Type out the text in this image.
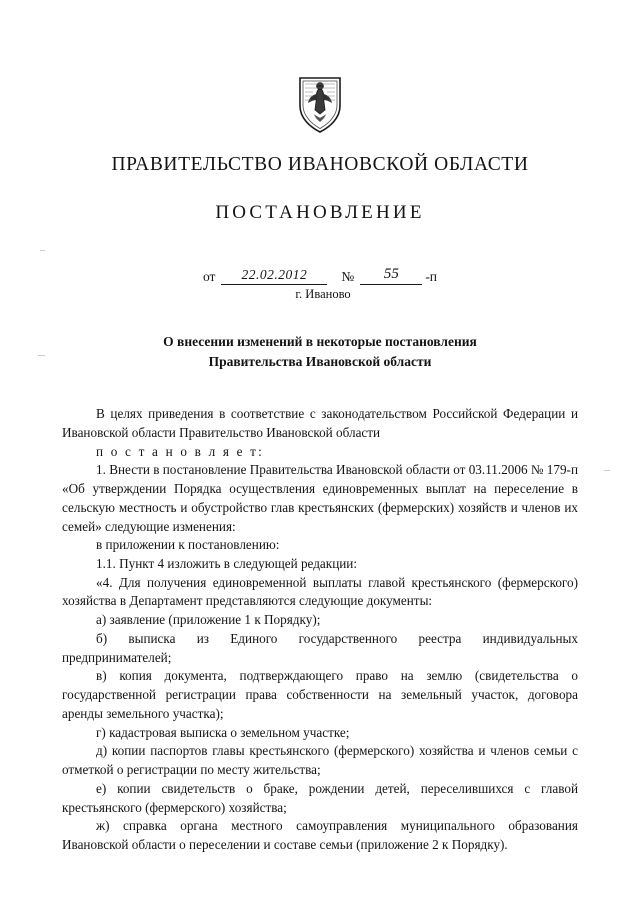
ПРАВИТЕЛЬСТВО ИВАНОВСКОЙ ОБЛАСТИ
ПОСТАНОВЛЕНИЕ
от	22.02.2012	№	55	-п
г. Иваново
О внесении изменений в некоторые постановления
Правительства Ивановской области

В целях приведения в соответствие с законодательством Российской Федерации и Ивановской области Правительство Ивановской области

п о с т а н о в л я е т:

1. Внести в постановление Правительства Ивановской области от 03.11.2006 № 179-п «Об утверждении Порядка осуществления единовременных выплат на переселение в сельскую местность и обустройство глав крестьянских (фермерских) хозяйств и членов их семей» следующие изменения:

в приложении к постановлению:

1.1. Пункт 4 изложить в следующей редакции:

«4. Для получения единовременной выплаты главой крестьянского (фермерского) хозяйства в Департамент представляются следующие документы:

а) заявление (приложение 1 к Порядку);

б) выписка из Единого государственного реестра индивидуальных предпринимателей;

в) копия документа, подтверждающего право на землю (свидетельства о государственной регистрации права собственности на земельный участок, договора аренды земельного участка);

г) кадастровая выписка о земельном участке;

д) копии паспортов главы крестьянского (фермерского) хозяйства и членов семьи с отметкой о регистрации по месту жительства;

е) копии свидетельств о браке, рождении детей, переселившихся с главой крестьянского (фермерского) хозяйства;

ж) справка органа местного самоуправления муниципального образования Ивановской области о переселении и составе семьи (приложение 2 к Порядку).
